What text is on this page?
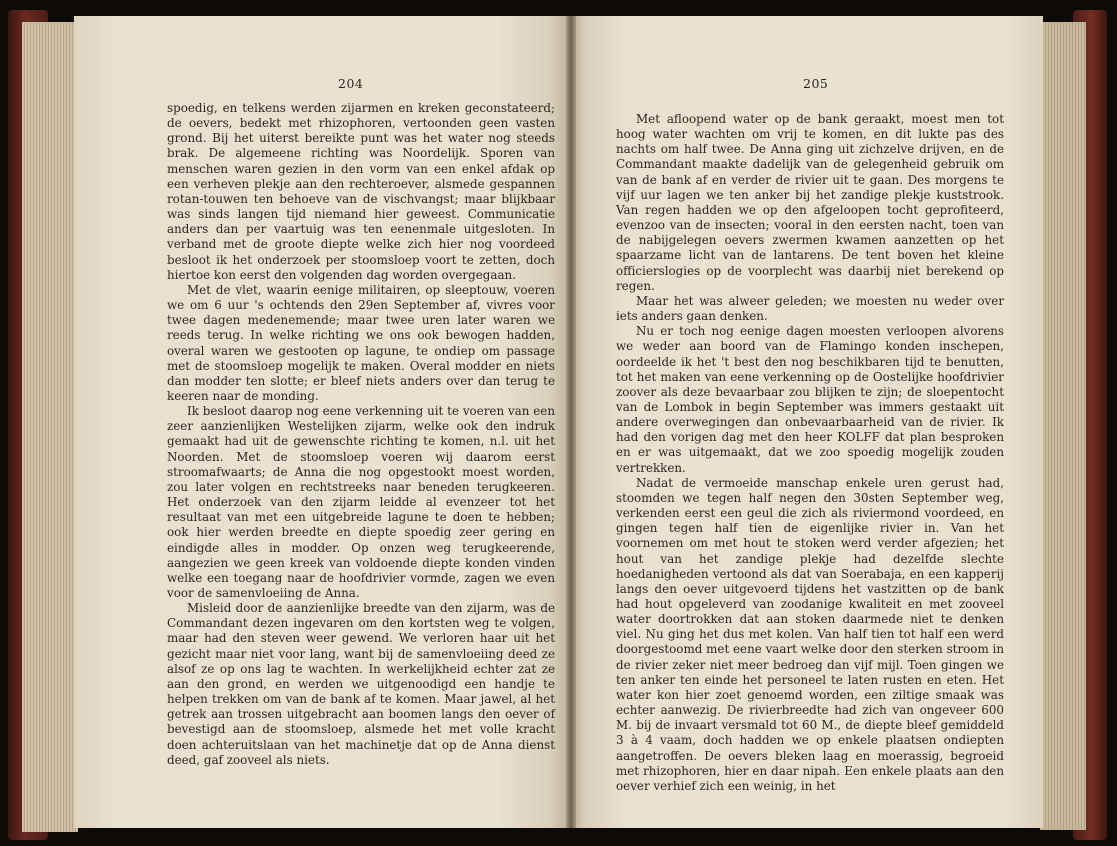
204

spoedig, en telkens werden zijarmen en kreken geconstateerd; de oevers, bedekt met rhizophoren, vertoonden geen vasten grond. Bij het uiterst bereikte punt was het water nog steeds brak. De algemeene richting was Noordelijk. Sporen van menschen waren gezien in den vorm van een enkel afdak op een verheven plekje aan den rechteroever, alsmede gespannen rotan-touwen ten behoeve van de vischvangst; maar blijkbaar was sinds langen tijd niemand hier geweest. Communicatie anders dan per vaartuig was ten eenenmale uitgesloten. In verband met de groote diepte welke zich hier nog voordeed besloot ik het onderzoek per stoomsloep voort te zetten, doch hiertoe kon eerst den volgenden dag worden overgegaan.

Met de vlet, waarin eenige militairen, op sleeptouw, voeren we om 6 uur 's ochtends den 29en September af, vivres voor twee dagen medenemende; maar twee uren later waren we reeds terug. In welke richting we ons ook bewogen hadden, overal waren we gestooten op lagune, te ondiep om passage met de stoomsloep mogelijk te maken. Overal modder en niets dan modder ten slotte; er bleef niets anders over dan terug te keeren naar de monding.

Ik besloot daarop nog eene verkenning uit te voeren van een zeer aanzienlijken Westelijken zijarm, welke ook den indruk gemaakt had uit de gewenschte richting te komen, n.l. uit het Noorden. Met de stoomsloep voeren wij daarom eerst stroomafwaarts; de Anna die nog opgestookt moest worden, zou later volgen en rechtstreeks naar beneden terugkeeren. Het onderzoek van den zijarm leidde al evenzeer tot het resultaat van met een uitgebreide lagune te doen te hebben; ook hier werden breedte en diepte spoedig zeer gering en eindigde alles in modder. Op onzen weg terugkeerende, aangezien we geen kreek van voldoende diepte konden vinden welke een toegang naar de hoofdrivier vormde, zagen we even voor de samenvloeiing de Anna.

Misleid door de aanzienlijke breedte van den zijarm, was de Commandant dezen ingevaren om den kortsten weg te volgen, maar had den steven weer gewend. We verloren haar uit het gezicht maar niet voor lang, want bij de samenvloeiing deed ze alsof ze op ons lag te wachten. In werkelijkheid echter zat ze aan den grond, en werden we uitgenoodigd een handje te helpen trekken om van de bank af te komen. Maar jawel, al het getrek aan trossen uitgebracht aan boomen langs den oever of bevestigd aan de stoomsloep, alsmede het met volle kracht doen achteruitslaan van het machinetje dat op de Anna dienst deed, gaf zooveel als niets.

205

Met afloopend water op de bank geraakt, moest men tot hoog water wachten om vrij te komen, en dit lukte pas des nachts om half twee. De Anna ging uit zichzelve drijven, en de Commandant maakte dadelijk van de gelegenheid gebruik om van de bank af en verder de rivier uit te gaan. Des morgens te vijf uur lagen we ten anker bij het zandige plekje kuststrook. Van regen hadden we op den afgeloopen tocht geprofiteerd, evenzoo van de insecten; vooral in den eersten nacht, toen van de nabijgelegen oevers zwermen kwamen aanzetten op het spaarzame licht van de lantarens. De tent boven het kleine officierslogies op de voorplecht was daarbij niet berekend op regen.

Maar het was alweer geleden; we moesten nu weder over iets anders gaan denken.

Nu er toch nog eenige dagen moesten verloopen alvorens we weder aan boord van de Flamingo konden inschepen, oordeelde ik het 't best den nog beschikbaren tijd te benutten, tot het maken van eene verkenning op de Oostelijke hoofdrivier zoover als deze bevaarbaar zou blijken te zijn; de sloepentocht van de Lombok in begin September was immers gestaakt uit andere overwegingen dan onbevaarbaarheid van de rivier. Ik had den vorigen dag met den heer KOLFF dat plan besproken en er was uitgemaakt, dat we zoo spoedig mogelijk zouden vertrekken.

Nadat de vermoeide manschap enkele uren gerust had, stoomden we tegen half negen den 30sten September weg, verkenden eerst een geul die zich als riviermond voordeed, en gingen tegen half tien de eigenlijke rivier in. Van het voornemen om met hout te stoken werd verder afgezien; het hout van het zandige plekje had dezelfde slechte hoedanigheden vertoond als dat van Soerabaja, en een kapperij langs den oever uitgevoerd tijdens het vastzitten op de bank had hout opgeleverd van zoodanige kwaliteit en met zooveel water doortrokken dat aan stoken daarmede niet te denken viel. Nu ging het dus met kolen. Van half tien tot half een werd doorgestoomd met eene vaart welke door den sterken stroom in de rivier zeker niet meer bedroeg dan vijf mijl. Toen gingen we ten anker ten einde het personeel te laten rusten en eten. Het water kon hier zoet genoemd worden, een ziltige smaak was echter aanwezig. De rivierbreedte had zich van ongeveer 600 M. bij de invaart versmald tot 60 M., de diepte bleef gemiddeld 3 à 4 vaam, doch hadden we op enkele plaatsen ondiepten aangetroffen. De oevers bleken laag en moerassig, begroeid met rhizophoren, hier en daar nipah. Een enkele plaats aan den oever verhief zich een weinig, in het
